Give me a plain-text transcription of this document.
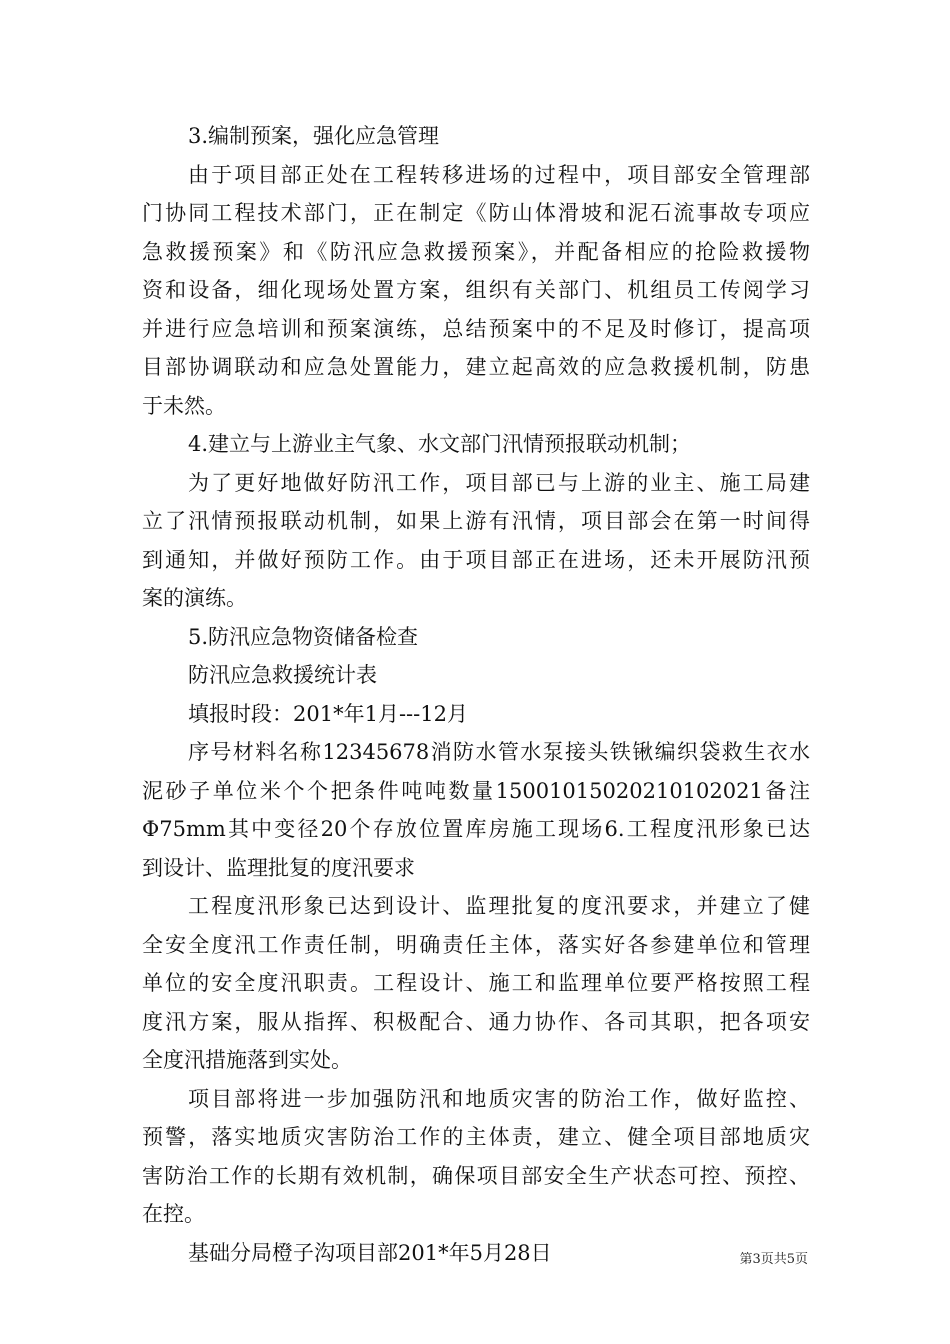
3.编制预案，强化应急管理
由于项目部正处在工程转移进场的过程中，项目部安全管理部
门协同工程技术部门，正在制定《防山体滑坡和泥石流事故专项应
急救援预案》和《防汛应急救援预案》，并配备相应的抢险救援物
资和设备，细化现场处置方案，组织有关部门、机组员工传阅学习
并进行应急培训和预案演练，总结预案中的不足及时修订，提高项
目部协调联动和应急处置能力，建立起高效的应急救援机制，防患
于未然。
4.建立与上游业主气象、水文部门汛情预报联动机制；
为了更好地做好防汛工作，项目部已与上游的业主、施工局建
立了汛情预报联动机制，如果上游有汛情，项目部会在第一时间得
到通知，并做好预防工作。由于项目部正在进场，还未开展防汛预
案的演练。
5.防汛应急物资储备检查
防汛应急救援统计表
填报时段：201*年1月---12月
序号材料名称12345678消防水管水泵接头铁锹编织袋救生衣水
泥砂子单位米个个把条件吨吨数量15001015020210102021备注
Φ75mm其中变径20个存放位置库房施工现场6.工程度汛形象已达
到设计、监理批复的度汛要求
工程度汛形象已达到设计、监理批复的度汛要求，并建立了健
全安全度汛工作责任制，明确责任主体，落实好各参建单位和管理
单位的安全度汛职责。工程设计、施工和监理单位要严格按照工程
度汛方案，服从指挥、积极配合、通力协作、各司其职，把各项安
全度汛措施落到实处。
项目部将进一步加强防汛和地质灾害的防治工作，做好监控、
预警，落实地质灾害防治工作的主体责，建立、健全项目部地质灾
害防治工作的长期有效机制，确保项目部安全生产状态可控、预控、
在控。
基础分局橙子沟项目部201*年5月28日	第3页共5页
